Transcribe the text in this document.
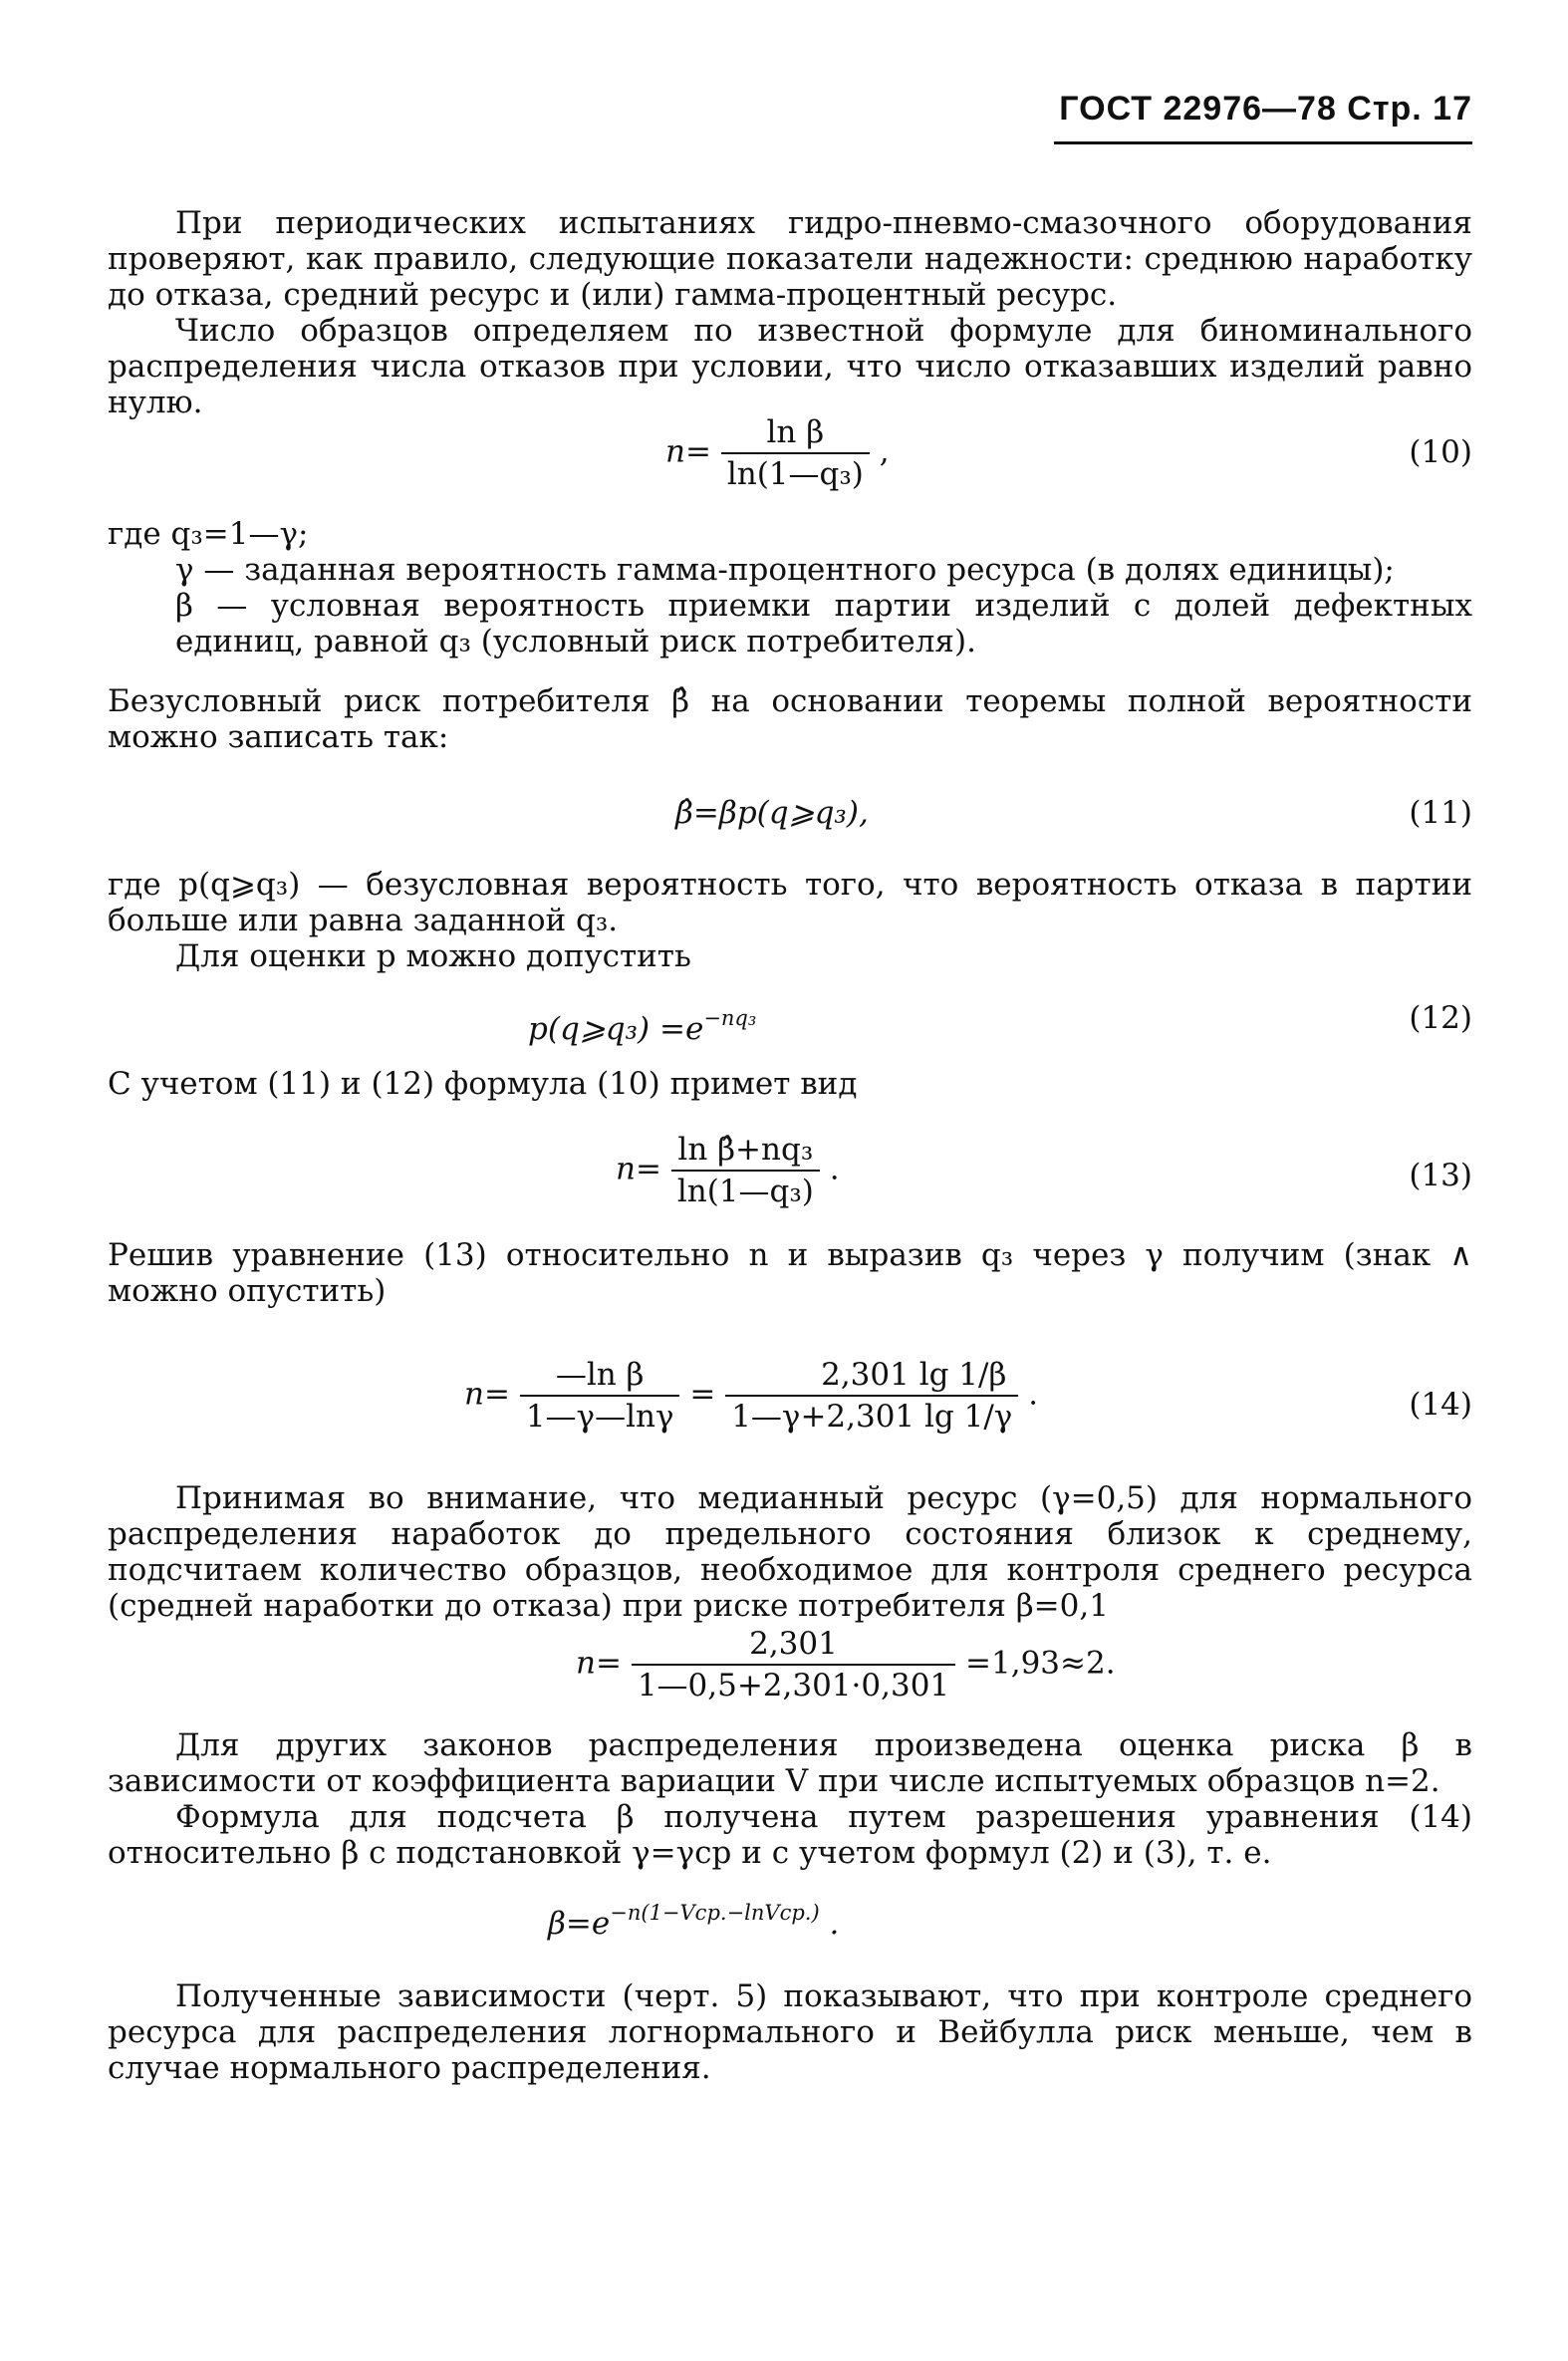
ГОСТ 22976—78 Стр. 17
При периодических испытаниях гидро-пневмо-смазочного оборудования проверяют, как правило, следующие показатели надежности: среднюю наработку до отказа, средний ресурс и (или) гамма-процентный ресурс.
Число образцов определяем по известной формуле для биноминального распределения числа отказов при условии, что число отказавших изделий равно нулю.
$n= \frac{\text{ln β}}{\text{ln(1—q₃)}}$ ,	(10)
где q₃=1—γ;
γ — заданная вероятность гамма-процентного ресурса (в долях единицы);
β — условная вероятность приемки партии изделий с долей дефектных единиц, равной q₃ (условный риск потребителя).
Безусловный риск потребителя β̂ на основании теоремы полной вероятности можно записать так:
β̂=βp(q⩾q₃),	(11)
где p(q⩾q₃) — безусловная вероятность того, что вероятность отказа в партии больше или равна заданной q₃.
Для оценки p можно допустить
p(q⩾q₃) $=e^{-nq_3}$	(12)
С учетом (11) и (12) формула (10) примет вид
$n= \frac{\text{ln β̂+nq₃}}{\text{ln(1—q₃)}}$ .	(13)
Решив уравнение (13) относительно n и выразив q₃ через γ получим (знак ∧ можно опустить)
$n= \frac{\text{—ln β}}{1—\gamma—\ln\gamma} = \frac{2,301 \lg 1/\beta}{1—\gamma+2,301 \lg 1/\gamma}$ .	(14)
Принимая во внимание, что медианный ресурс (γ=0,5) для нормального распределения наработок до предельного состояния близок к среднему, подсчитаем количество образцов, необходимое для контроля среднего ресурса (средней наработки до отказа) при риске потребителя β=0,1
$n= \frac{2,301}{1—0,5+2,301\cdot 0,301} =1,93\approx 2$.
Для других законов распределения произведена оценка риска β в зависимости от коэффициента вариации V при числе испытуемых образцов n=2.
Формула для подсчета β получена путем разрешения уравнения (14) относительно β с подстановкой γ=γср и с учетом формул (2) и (3), т. е.
$\beta=e^{-n(1-Vср.-lnVср.)}$ .
Полученные зависимости (черт. 5) показывают, что при контроле среднего ресурса для распределения логнормального и Вейбулла риск меньше, чем в случае нормального распределения.
